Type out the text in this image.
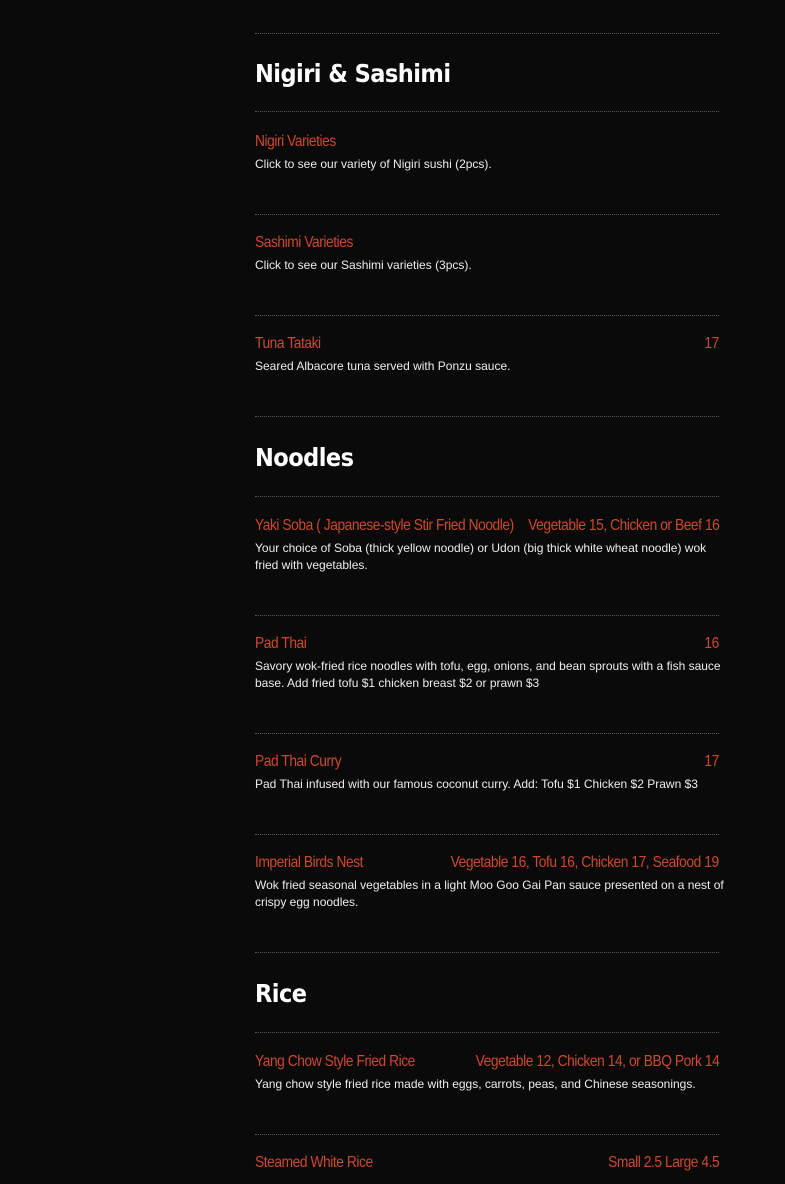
Nigiri & Sashimi
Nigiri Varieties
Click to see our variety of Nigiri sushi (2pcs).
Sashimi Varieties
Click to see our Sashimi varieties (3pcs).
Tuna Tataki	17
Seared Albacore tuna served with Ponzu sauce.
Noodles
Yaki Soba ( Japanese-style Stir Fried Noodle) Vegetable 15, Chicken or Beef 16
Your choice of Soba (thick yellow noodle) or Udon (big thick white wheat noodle) wok fried with vegetables.
Pad Thai	16
Savory wok-fried rice noodles with tofu, egg, onions, and bean sprouts with a fish sauce base. Add fried tofu $1 chicken breast $2 or prawn $3
Pad Thai Curry	17
Pad Thai infused with our famous coconut curry. Add: Tofu $1 Chicken $2 Prawn $3
Imperial Birds Nest	Vegetable 16, Tofu 16, Chicken 17, Seafood 19
Wok fried seasonal vegetables in a light Moo Goo Gai Pan sauce presented on a nest of crispy egg noodles.
Rice
Yang Chow Style Fried Rice	Vegetable 12, Chicken 14, or BBQ Pork 14
Yang chow style fried rice made with eggs, carrots, peas, and Chinese seasonings.
Steamed White Rice	Small 2.5 Large 4.5
